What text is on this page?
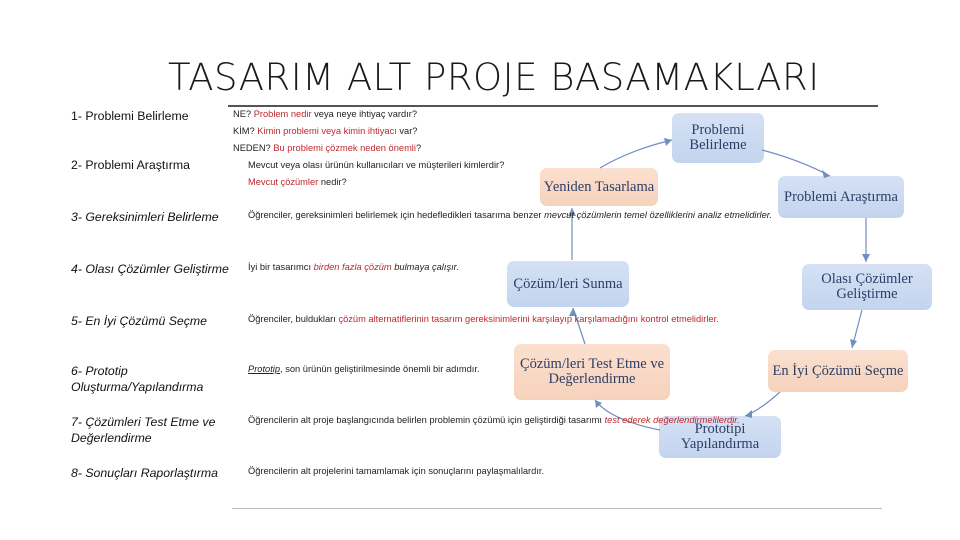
TASARIM ALT PROJE BASAMAKLARI
1- Problemi Belirleme
2- Problemi Araştırma
3- Gereksinimleri Belirleme
4- Olası Çözümler Geliştirme
5- En İyi Çözümü Seçme
6- Prototip Oluşturma/Yapılandırma
7- Çözümleri Test Etme ve Değerlendirme
8- Sonuçları Raporlaştırma
Problemi Belirleme
Yeniden Tasarlama
Problemi Araştırma
Çözüm/leri Sunma	Olası Çözümler Geliştirme
Çözüm/leri Test Etme ve Değerlendirme
En İyi Çözümü Seçme
Prototipi Yapılandırma
NE? Problem nedir veya neye ihtiyaç vardır?
KİM? Kimin problemi veya kimin ihtiyacı var?
NEDEN? Bu problemi çözmek neden önemli?
Mevcut veya olası ürünün kullanıcıları ve müşterileri kimlerdir?
Mevcut çözümler nedir?
Öğrenciler, gereksinimleri belirlemek için hedefledikleri tasarıma benzer mevcut çözümlerin temel özelliklerini analiz etmelidirler.
İyi bir tasarımcı birden fazla çözüm bulmaya çalışır.
Öğrenciler, buldukları çözüm alternatiflerinin tasarım gereksinimlerini karşılayıp karşılamadığını kontrol etmelidirler.
Prototip, son ürünün geliştirilmesinde önemli bir adımdır.
Öğrencilerin alt proje başlangıcında belirlen problemin çözümü için geliştirdiği tasarımı test ederek değerlendirmelilerdir.
Öğrencilerin alt projelerini tamamlamak için sonuçlarını paylaşmalılardır.
